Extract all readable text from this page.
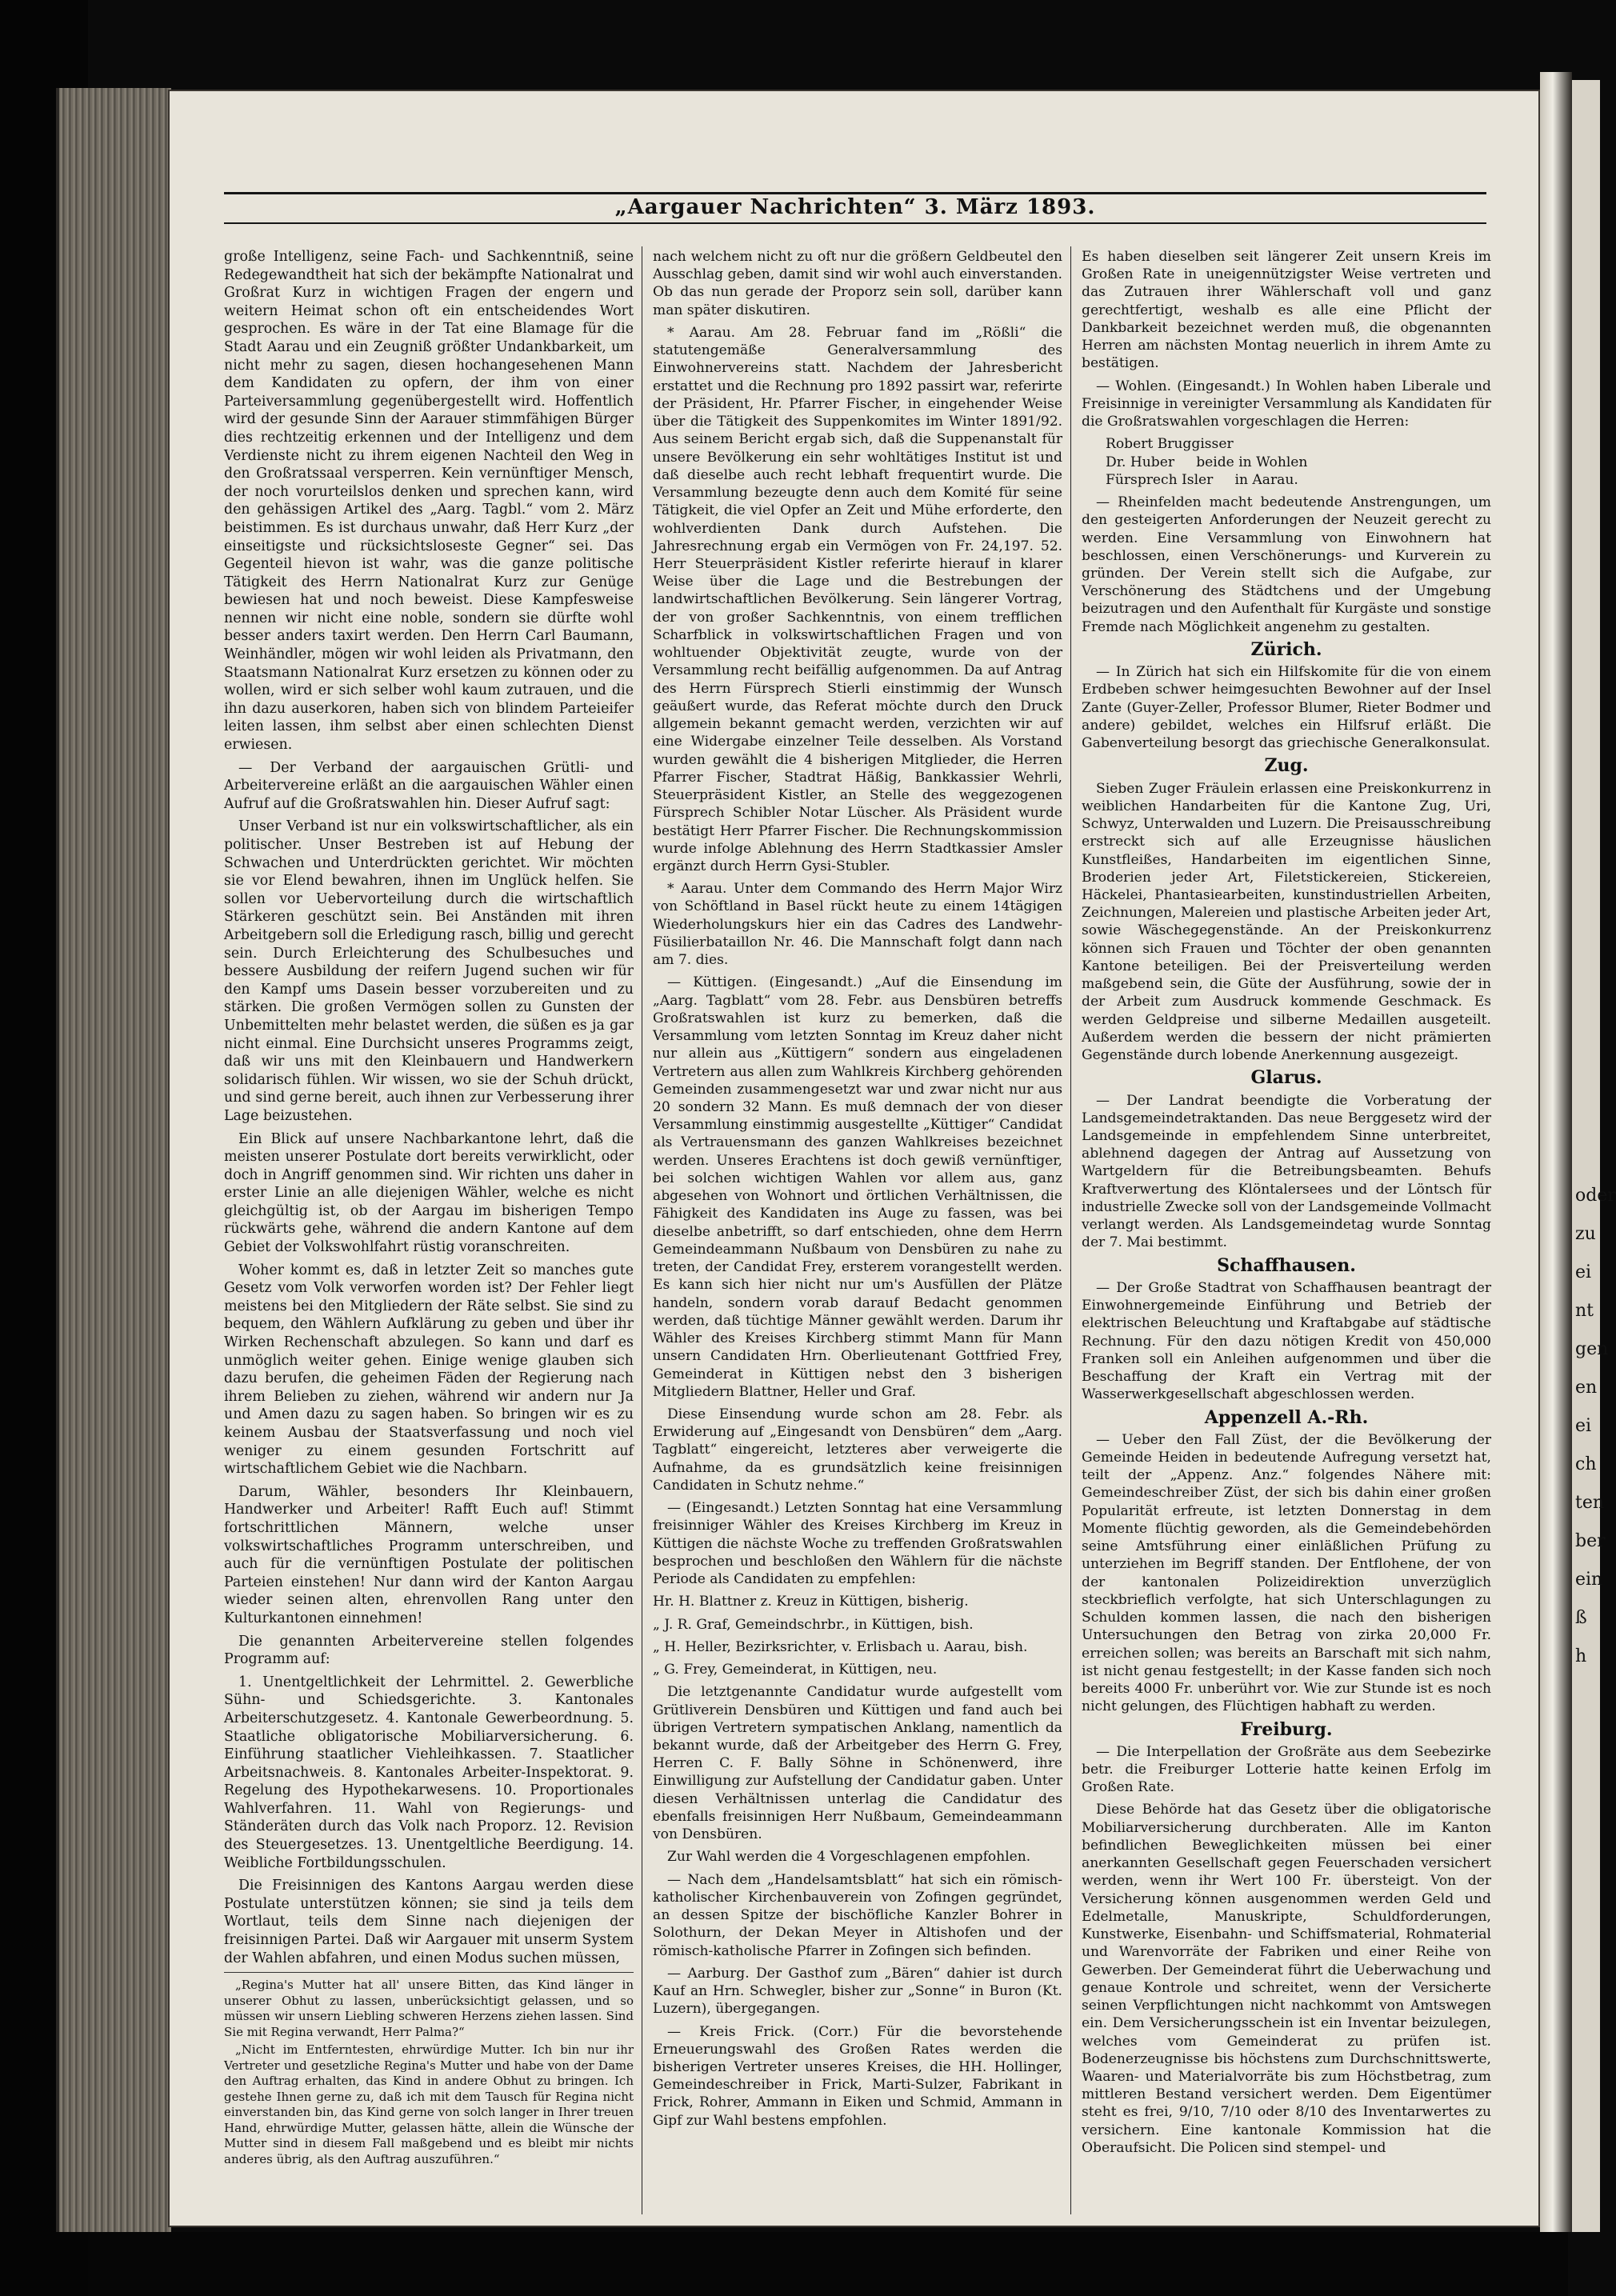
oder
zu
ei
nt
gen
en
ei
ch
ten
ber
ein
ß
h
„Aargauer Nachrichten“ 3. März 1893.

große Intelligenz, seine Fach- und Sachkenntniß, seine Redegewandtheit hat sich der bekämpfte Nationalrat und Großrat Kurz in wichtigen Fragen der engern und weitern Heimat schon oft ein entscheidendes Wort gesprochen. Es wäre in der Tat eine Blamage für die Stadt Aarau und ein Zeugniß größter Undankbarkeit, um nicht mehr zu sagen, diesen hochangesehenen Mann dem Kandidaten zu opfern, der ihm von einer Parteiversammlung gegenübergestellt wird. Hoffentlich wird der gesunde Sinn der Aarauer stimmfähigen Bürger dies rechtzeitig erkennen und der Intelligenz und dem Verdienste nicht zu ihrem eigenen Nachteil den Weg in den Großratssaal versperren. Kein vernünftiger Mensch, der noch vorurteilslos denken und sprechen kann, wird den gehässigen Artikel des „Aarg. Tagbl.“ vom 2. März beistimmen. Es ist durchaus unwahr, daß Herr Kurz „der einseitigste und rücksichtsloseste Gegner“ sei. Das Gegenteil hievon ist wahr, was die ganze politische Tätigkeit des Herrn Nationalrat Kurz zur Genüge bewiesen hat und noch beweist. Diese Kampfesweise nennen wir nicht eine noble, sondern sie dürfte wohl besser anders taxirt werden. Den Herrn Carl Baumann, Weinhändler, mögen wir wohl leiden als Privatmann, den Staatsmann Nationalrat Kurz ersetzen zu können oder zu wollen, wird er sich selber wohl kaum zutrauen, und die ihn dazu auserkoren, haben sich von blindem Parteieifer leiten lassen, ihm selbst aber einen schlechten Dienst erwiesen.

— Der Verband der aargauischen Grütli- und Arbeitervereine erläßt an die aargauischen Wähler einen Aufruf auf die Großratswahlen hin. Dieser Aufruf sagt:

Unser Verband ist nur ein volkswirtschaftlicher, als ein politischer. Unser Bestreben ist auf Hebung der Schwachen und Unterdrückten gerichtet. Wir möchten sie vor Elend bewahren, ihnen im Unglück helfen. Sie sollen vor Uebervorteilung durch die wirtschaftlich Stärkeren geschützt sein. Bei Anständen mit ihren Arbeitgebern soll die Erledigung rasch, billig und gerecht sein. Durch Erleichterung des Schulbesuches und bessere Ausbildung der reifern Jugend suchen wir für den Kampf ums Dasein besser vorzubereiten und zu stärken. Die großen Vermögen sollen zu Gunsten der Unbemittelten mehr belastet werden, die süßen es ja gar nicht einmal. Eine Durchsicht unseres Programms zeigt, daß wir uns mit den Kleinbauern und Handwerkern solidarisch fühlen. Wir wissen, wo sie der Schuh drückt, und sind gerne bereit, auch ihnen zur Verbesserung ihrer Lage beizustehen.

Ein Blick auf unsere Nachbarkantone lehrt, daß die meisten unserer Postulate dort bereits verwirklicht, oder doch in Angriff genommen sind. Wir richten uns daher in erster Linie an alle diejenigen Wähler, welche es nicht gleichgültig ist, ob der Aargau im bisherigen Tempo rückwärts gehe, während die andern Kantone auf dem Gebiet der Volkswohlfahrt rüstig voranschreiten.

Woher kommt es, daß in letzter Zeit so manches gute Gesetz vom Volk verworfen worden ist? Der Fehler liegt meistens bei den Mitgliedern der Räte selbst. Sie sind zu bequem, den Wählern Aufklärung zu geben und über ihr Wirken Rechenschaft abzulegen. So kann und darf es unmöglich weiter gehen. Einige wenige glauben sich dazu berufen, die geheimen Fäden der Regierung nach ihrem Belieben zu ziehen, während wir andern nur Ja und Amen dazu zu sagen haben. So bringen wir es zu keinem Ausbau der Staatsverfassung und noch viel weniger zu einem gesunden Fortschritt auf wirtschaftlichem Gebiet wie die Nachbarn.

Darum, Wähler, besonders Ihr Kleinbauern, Handwerker und Arbeiter! Rafft Euch auf! Stimmt fortschrittlichen Männern, welche unser volkswirtschaftliches Programm unterschreiben, und auch für die vernünftigen Postulate der politischen Parteien einstehen! Nur dann wird der Kanton Aargau wieder seinen alten, ehrenvollen Rang unter den Kulturkantonen einnehmen!

Die genannten Arbeitervereine stellen folgendes Programm auf:

1. Unentgeltlichkeit der Lehrmittel. 2. Gewerbliche Sühn- und Schiedsgerichte. 3. Kantonales Arbeiterschutzgesetz. 4. Kantonale Gewerbeordnung. 5. Staatliche obligatorische Mobiliarversicherung. 6. Einführung staatlicher Viehleihkassen. 7. Staatlicher Arbeitsnachweis. 8. Kantonales Arbeiter-Inspektorat. 9. Regelung des Hypothekarwesens. 10. Proportionales Wahlverfahren. 11. Wahl von Regierungs- und Ständeräten durch das Volk nach Proporz. 12. Revision des Steuergesetzes. 13. Unentgeltliche Beerdigung. 14. Weibliche Fortbildungsschulen.

Die Freisinnigen des Kantons Aargau werden diese Postulate unterstützen können; sie sind ja teils dem Wortlaut, teils dem Sinne nach diejenigen der freisinnigen Partei. Daß wir Aargauer mit unserm System der Wahlen abfahren, und einen Modus suchen müssen,

„Regina's Mutter hat all' unsere Bitten, das Kind länger in unserer Obhut zu lassen, unberücksichtigt gelassen, und so müssen wir unsern Liebling schweren Herzens ziehen lassen. Sind Sie mit Regina verwandt, Herr Palma?“

„Nicht im Entferntesten, ehrwürdige Mutter. Ich bin nur ihr Vertreter und gesetzliche Regina's Mutter und habe von der Dame den Auftrag erhalten, das Kind in andere Obhut zu bringen. Ich gestehe Ihnen gerne zu, daß ich mit dem Tausch für Regina nicht einverstanden bin, das Kind gerne von solch langer in Ihrer treuen Hand, ehrwürdige Mutter, gelassen hätte, allein die Wünsche der Mutter sind in diesem Fall maßgebend und es bleibt mir nichts anderes übrig, als den Auftrag auszuführen.“

nach welchem nicht zu oft nur die größern Geldbeutel den Ausschlag geben, damit sind wir wohl auch einverstanden. Ob das nun gerade der Proporz sein soll, darüber kann man später diskutiren.

* Aarau. Am 28. Februar fand im „Rößli“ die statutengemäße Generalversammlung des Einwohnervereins statt. Nachdem der Jahresbericht erstattet und die Rechnung pro 1892 passirt war, referirte der Präsident, Hr. Pfarrer Fischer, in eingehender Weise über die Tätigkeit des Suppenkomites im Winter 1891/92. Aus seinem Bericht ergab sich, daß die Suppenanstalt für unsere Bevölkerung ein sehr wohltätiges Institut ist und daß dieselbe auch recht lebhaft frequentirt wurde. Die Versammlung bezeugte denn auch dem Komité für seine Tätigkeit, die viel Opfer an Zeit und Mühe erforderte, den wohlverdienten Dank durch Aufstehen. Die Jahresrechnung ergab ein Vermögen von Fr. 24,197. 52. Herr Steuerpräsident Kistler referirte hierauf in klarer Weise über die Lage und die Bestrebungen der landwirtschaftlichen Bevölkerung. Sein längerer Vortrag, der von großer Sachkenntnis, von einem trefflichen Scharfblick in volkswirtschaftlichen Fragen und von wohltuender Objektivität zeugte, wurde von der Versammlung recht beifällig aufgenommen. Da auf Antrag des Herrn Fürsprech Stierli einstimmig der Wunsch geäußert wurde, das Referat möchte durch den Druck allgemein bekannt gemacht werden, verzichten wir auf eine Widergabe einzelner Teile desselben. Als Vorstand wurden gewählt die 4 bisherigen Mitglieder, die Herren Pfarrer Fischer, Stadtrat Häßig, Bankkassier Wehrli, Steuerpräsident Kistler, an Stelle des weggezogenen Fürsprech Schibler Notar Lüscher. Als Präsident wurde bestätigt Herr Pfarrer Fischer. Die Rechnungskommission wurde infolge Ablehnung des Herrn Stadtkassier Amsler ergänzt durch Herrn Gysi-Stubler.

* Aarau. Unter dem Commando des Herrn Major Wirz von Schöftland in Basel rückt heute zu einem 14tägigen Wiederholungskurs hier ein das Cadres des Landwehr-Füsilierbataillon Nr. 46. Die Mannschaft folgt dann nach am 7. dies.

— Küttigen. (Eingesandt.) „Auf die Einsendung im „Aarg. Tagblatt“ vom 28. Febr. aus Densbüren betreffs Großratswahlen ist kurz zu bemerken, daß die Versammlung vom letzten Sonntag im Kreuz daher nicht nur allein aus „Küttigern“ sondern aus eingeladenen Vertretern aus allen zum Wahlkreis Kirchberg gehörenden Gemeinden zusammengesetzt war und zwar nicht nur aus 20 sondern 32 Mann. Es muß demnach der von dieser Versammlung einstimmig ausgestellte „Küttiger“ Candidat als Vertrauensmann des ganzen Wahlkreises bezeichnet werden. Unseres Erachtens ist doch gewiß vernünftiger, bei solchen wichtigen Wahlen vor allem aus, ganz abgesehen von Wohnort und örtlichen Verhältnissen, die Fähigkeit des Kandidaten ins Auge zu fassen, was bei dieselbe anbetrifft, so darf entschieden, ohne dem Herrn Gemeindeammann Nußbaum von Densbüren zu nahe zu treten, der Candidat Frey, ersterem vorangestellt werden. Es kann sich hier nicht nur um's Ausfüllen der Plätze handeln, sondern vorab darauf Bedacht genommen werden, daß tüchtige Männer gewählt werden. Darum ihr Wähler des Kreises Kirchberg stimmt Mann für Mann unsern Candidaten Hrn. Oberlieutenant Gottfried Frey, Gemeinderat in Küttigen nebst den 3 bisherigen Mitgliedern Blattner, Heller und Graf.

Diese Einsendung wurde schon am 28. Febr. als Erwiderung auf „Eingesandt von Densbüren“ dem „Aarg. Tagblatt“ eingereicht, letzteres aber verweigerte die Aufnahme, da es grundsätzlich keine freisinnigen Candidaten in Schutz nehme.“

— (Eingesandt.) Letzten Sonntag hat eine Versammlung freisinniger Wähler des Kreises Kirchberg im Kreuz in Küttigen die nächste Woche zu treffenden Großratswahlen besprochen und beschloßen den Wählern für die nächste Periode als Candidaten zu empfehlen:

Hr. H. Blattner z. Kreuz in Küttigen, bisherig.

„ J. R. Graf, Gemeindschrbr., in Küttigen, bish.

„ H. Heller, Bezirksrichter, v. Erlisbach u. Aarau, bish.

„ G. Frey, Gemeinderat, in Küttigen, neu.

Die letztgenannte Candidatur wurde aufgestellt vom Grütliverein Densbüren und Küttigen und fand auch bei übrigen Vertretern sympatischen Anklang, namentlich da bekannt wurde, daß der Arbeitgeber des Herrn G. Frey, Herren C. F. Bally Söhne in Schönenwerd, ihre Einwilligung zur Aufstellung der Candidatur gaben. Unter diesen Verhältnissen unterlag die Candidatur des ebenfalls freisinnigen Herr Nußbaum, Gemeindeammann von Densbüren.

Zur Wahl werden die 4 Vorgeschlagenen empfohlen.

— Nach dem „Handelsamtsblatt“ hat sich ein römisch-katholischer Kirchenbauverein von Zofingen gegründet, an dessen Spitze der bischöfliche Kanzler Bohrer in Solothurn, der Dekan Meyer in Altishofen und der römisch-katholische Pfarrer in Zofingen sich befinden.

— Aarburg. Der Gasthof zum „Bären“ dahier ist durch Kauf an Hrn. Schwegler, bisher zur „Sonne“ in Buron (Kt. Luzern), übergegangen.

— Kreis Frick. (Corr.) Für die bevorstehende Erneuerungswahl des Großen Rates werden die bisherigen Vertreter unseres Kreises, die HH. Hollinger, Gemeindeschreiber in Frick, Marti-Sulzer, Fabrikant in Frick, Rohrer, Ammann in Eiken und Schmid, Ammann in Gipf zur Wahl bestens empfohlen.

Es haben dieselben seit längerer Zeit unsern Kreis im Großen Rate in uneigennützigster Weise vertreten und das Zutrauen ihrer Wählerschaft voll und ganz gerechtfertigt, weshalb es alle eine Pflicht der Dankbarkeit bezeichnet werden muß, die obgenannten Herren am nächsten Montag neuerlich in ihrem Amte zu bestätigen.

— Wohlen. (Eingesandt.) In Wohlen haben Liberale und Freisinnige in vereinigter Versammlung als Kandidaten für die Großratswahlen vorgeschlagen die Herren:

Robert Bruggisser
Dr. Huber beide in Wohlen
Fürsprech Isler in Aarau.

— Rheinfelden macht bedeutende Anstrengungen, um den gesteigerten Anforderungen der Neuzeit gerecht zu werden. Eine Versammlung von Einwohnern hat beschlossen, einen Verschönerungs- und Kurverein zu gründen. Der Verein stellt sich die Aufgabe, zur Verschönerung des Städtchens und der Umgebung beizutragen und den Aufenthalt für Kurgäste und sonstige Fremde nach Möglichkeit angenehm zu gestalten.

Zürich.

— In Zürich hat sich ein Hilfskomite für die von einem Erdbeben schwer heimgesuchten Bewohner auf der Insel Zante (Guyer-Zeller, Professor Blumer, Rieter Bodmer und andere) gebildet, welches ein Hilfsruf erläßt. Die Gabenverteilung besorgt das griechische Generalkonsulat.

Zug.

Sieben Zuger Fräulein erlassen eine Preiskonkurrenz in weiblichen Handarbeiten für die Kantone Zug, Uri, Schwyz, Unterwalden und Luzern. Die Preisausschreibung erstreckt sich auf alle Erzeugnisse häuslichen Kunstfleißes, Handarbeiten im eigentlichen Sinne, Broderien jeder Art, Filetstickereien, Stickereien, Häckelei, Phantasiearbeiten, kunstindustriellen Arbeiten, Zeichnungen, Malereien und plastische Arbeiten jeder Art, sowie Wäschegegenstände. An der Preiskonkurrenz können sich Frauen und Töchter der oben genannten Kantone beteiligen. Bei der Preisverteilung werden maßgebend sein, die Güte der Ausführung, sowie der in der Arbeit zum Ausdruck kommende Geschmack. Es werden Geldpreise und silberne Medaillen ausgeteilt. Außerdem werden die bessern der nicht prämierten Gegenstände durch lobende Anerkennung ausgezeigt.

Glarus.

— Der Landrat beendigte die Vorberatung der Landsgemeindetraktanden. Das neue Berggesetz wird der Landsgemeinde in empfehlendem Sinne unterbreitet, ablehnend dagegen der Antrag auf Aussetzung von Wartgeldern für die Betreibungsbeamten. Behufs Kraftverwertung des Klöntalersees und der Löntsch für industrielle Zwecke soll von der Landsgemeinde Vollmacht verlangt werden. Als Landsgemeindetag wurde Sonntag der 7. Mai bestimmt.

Schaffhausen.

— Der Große Stadtrat von Schaffhausen beantragt der Einwohnergemeinde Einführung und Betrieb der elektrischen Beleuchtung und Kraftabgabe auf städtische Rechnung. Für den dazu nötigen Kredit von 450,000 Franken soll ein Anleihen aufgenommen und über die Beschaffung der Kraft ein Vertrag mit der Wasserwerkgesellschaft abgeschlossen werden.

Appenzell A.-Rh.

— Ueber den Fall Züst, der die Bevölkerung der Gemeinde Heiden in bedeutende Aufregung versetzt hat, teilt der „Appenz. Anz.“ folgendes Nähere mit: Gemeindeschreiber Züst, der sich bis dahin einer großen Popularität erfreute, ist letzten Donnerstag in dem Momente flüchtig geworden, als die Gemeindebehörden seine Amtsführung einer einläßlichen Prüfung zu unterziehen im Begriff standen. Der Entflohene, der von der kantonalen Polizeidirektion unverzüglich steckbrieflich verfolgte, hat sich Unterschlagungen zu Schulden kommen lassen, die nach den bisherigen Untersuchungen den Betrag von zirka 20,000 Fr. erreichen sollen; was bereits an Barschaft mit sich nahm, ist nicht genau festgestellt; in der Kasse fanden sich noch bereits 4000 Fr. unberührt vor. Wie zur Stunde ist es noch nicht gelungen, des Flüchtigen habhaft zu werden.

Freiburg.

— Die Interpellation der Großräte aus dem Seebezirke betr. die Freiburger Lotterie hatte keinen Erfolg im Großen Rate.

Diese Behörde hat das Gesetz über die obligatorische Mobiliarversicherung durchberaten. Alle im Kanton befindlichen Beweglichkeiten müssen bei einer anerkannten Gesellschaft gegen Feuerschaden versichert werden, wenn ihr Wert 100 Fr. übersteigt. Von der Versicherung können ausgenommen werden Geld und Edelmetalle, Manuskripte, Schuldforderungen, Kunstwerke, Eisenbahn- und Schiffsmaterial, Rohmaterial und Warenvorräte der Fabriken und einer Reihe von Gewerben. Der Gemeinderat führt die Ueberwachung und genaue Kontrole und schreitet, wenn der Versicherte seinen Verpflichtungen nicht nachkommt von Amtswegen ein. Dem Versicherungsschein ist ein Inventar beizulegen, welches vom Gemeinderat zu prüfen ist. Bodenerzeugnisse bis höchstens zum Durchschnittswerte, Waaren- und Materialvorräte bis zum Höchstbetrag, zum mittleren Bestand versichert werden. Dem Eigentümer steht es frei, 9/10, 7/10 oder 8/10 des Inventarwertes zu versichern. Eine kantonale Kommission hat die Oberaufsicht. Die Policen sind stempel- und
